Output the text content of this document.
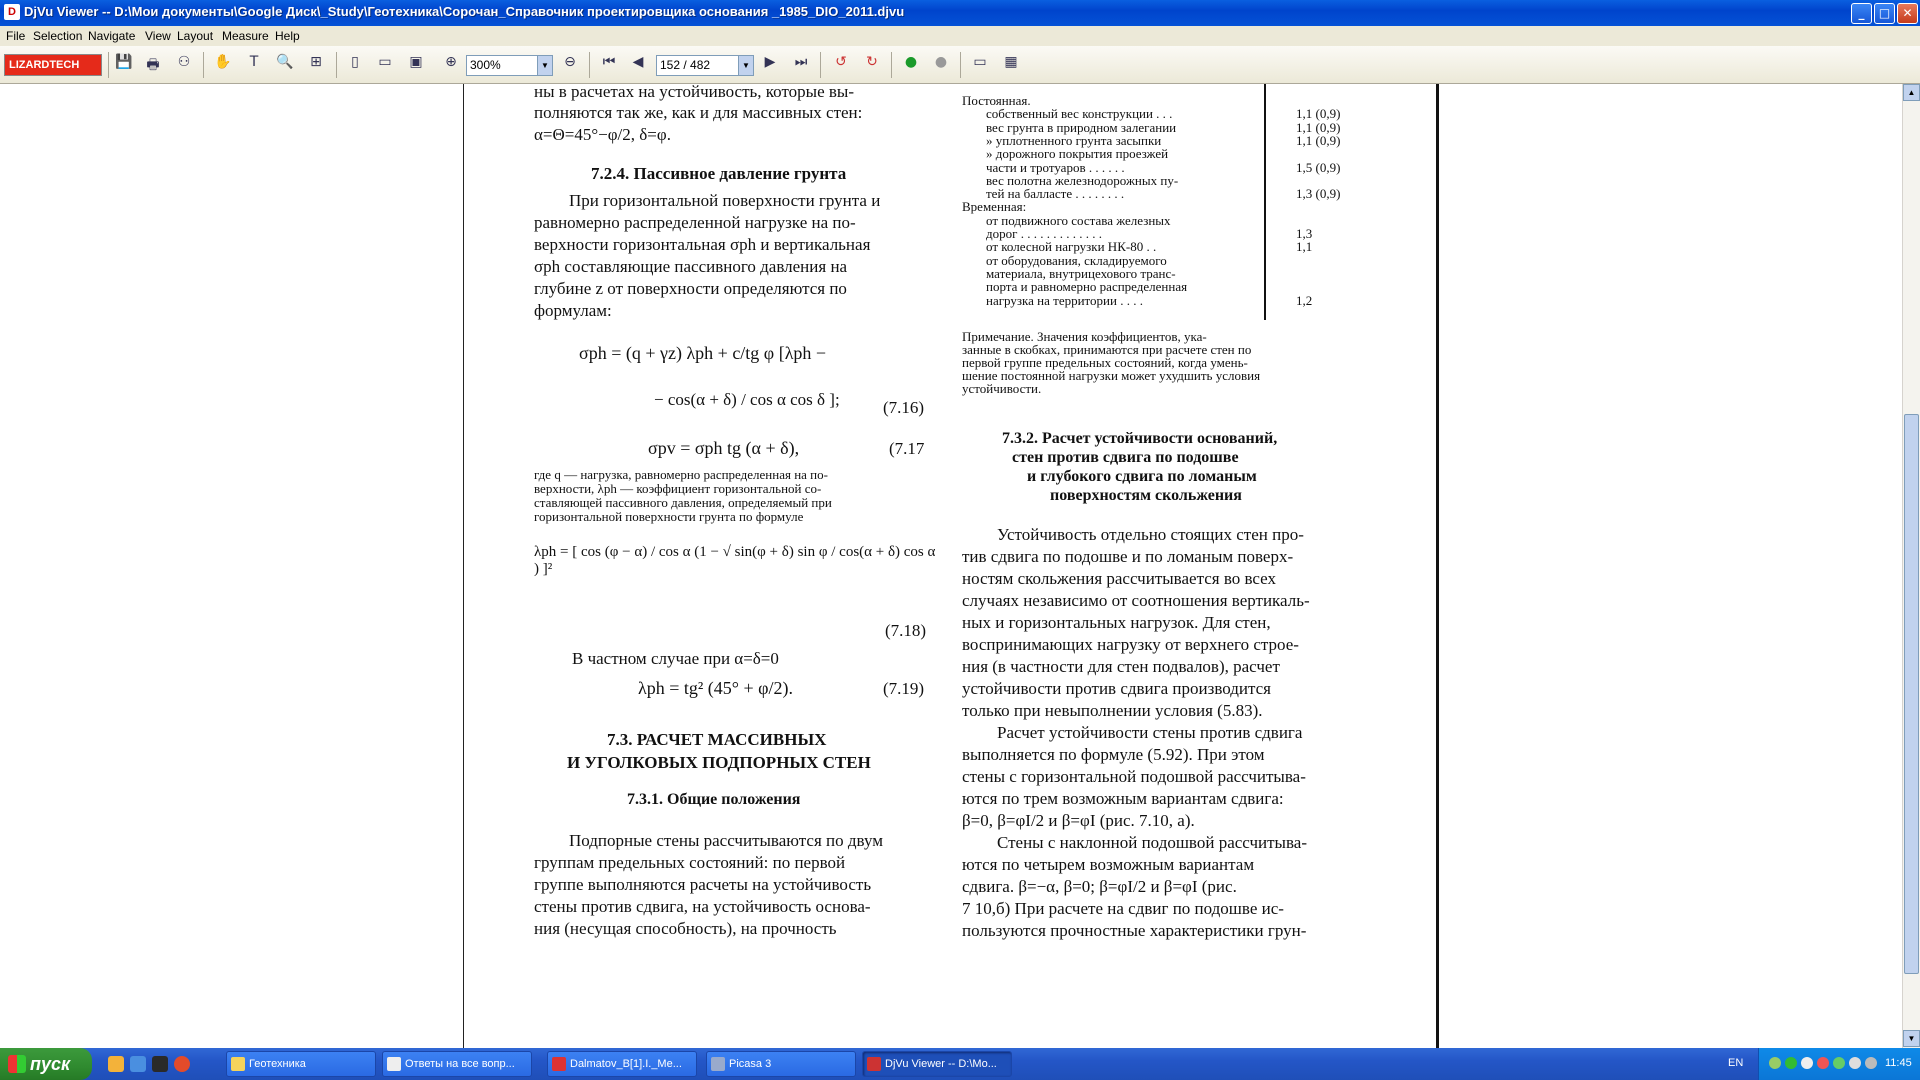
D DjVu Viewer -- D:\Мои документы\Google Диск\_Study\Геотехника\Сорочан_Справочник проектировщика основания _1985_DIO_2011.djvu	_	□	✕
File Selection Navigate View Layout Measure Help
LIZARDTECH	💾 🖶	⚇	✋	T	🔍	⊞	▯	▭	▣	⊕	300%	▼	⊖	⏮	◀	152 / 482	▼	▶	⏭	↺	↻	●	●	▭	▦
ны в расчетах на устойчивость, которые вы-
полняются так же, как и для массивных стен:
α=Θ=45°−φ/2, δ=φ.
7.2.4. Пассивное давление грунта
При горизонтальной поверхности грунта и
равномерно распределенной нагрузке на по-
верхности горизонтальная σph и вертикальная
σph составляющие пассивного давления на
глубине z от поверхности определяются по
формулам:
σph = (q + γz) λph + c/tg φ [λph −
− cos(α + δ) / cos α cos δ ];	(7.16)
σpv = σph tg (α + δ),	(7.17
где q — нагрузка, равномерно распределенная на по-
верхности, λph — коэффициент горизонтальной со-
ставляющей пассивного давления, определяемый при
горизонтальной поверхности грунта по формуле
λph = [ cos (φ − α) / cos α (1 − √ sin(φ + δ) sin φ / cos(α + δ) cos α ) ]²
(7.18)
В частном случае при α=δ=0
λph = tg² (45° + φ/2).	(7.19)
7.3. РАСЧЕТ МАССИВНЫХ
И УГОЛКОВЫХ ПОДПОРНЫХ СТЕН
7.3.1. Общие положения
Подпорные стены рассчитываются по двум
группам предельных состояний: по первой
группе выполняются расчеты на устойчивость
стены против сдвига, на устойчивость основа-
ния (несущая способность), на прочность
Постоянная.
собственный вес конструкции . . .	1,1 (0,9)
вес грунта в природном залегании	1,1 (0,9)
» уплотненного грунта засыпки	1,1 (0,9)
» дорожного покрытия проезжей
части и тротуаров . . . . . .	1,5 (0,9)
вес полотна железнодорожных пу-
тей на балласте . . . . . . . .	1,3 (0,9)
Временная:
от подвижного состава железных
дорог . . . . . . . . . . . . .	1,3
от колесной нагрузки НК-80 . .	1,1
от оборудования, складируемого
материала, внутрицехового транс-
порта и равномерно распределенная
нагрузка на территории . . . .	1,2
Примечание. Значения коэффициентов, ука-
занные в скобках, принимаются при расчете стен по
первой группе предельных состояний, когда умень-
шение постоянной нагрузки может ухудшить условия
устойчивости.
7.3.2. Расчет устойчивости оснований,
стен против сдвига по подошве
и глубокого сдвига по ломаным
поверхностям скольжения
Устойчивость отдельно стоящих стен про-
тив сдвига по подошве и по ломаным поверх-
ностям скольжения рассчитывается во всех
случаях независимо от соотношения вертикаль-
ных и горизонтальных нагрузок. Для стен,
воспринимающих нагрузку от верхнего строе-
ния (в частности для стен подвалов), расчет
устойчивости против сдвига производится
только при невыполнении условия (5.83).
Расчет устойчивости стены против сдвига
выполняется по формуле (5.92). При этом
стены с горизонтальной подошвой рассчитыва-
ются по трем возможным вариантам сдвига:
β=0, β=φI/2 и β=φI (рис. 7.10, a).
Стены с наклонной подошвой рассчитыва-
ются по четырем возможным вариантам
сдвига. β=−α, β=0; β=φI/2 и β=φI (рис.
7 10,б) При расчете на сдвиг по подошве ис-
пользуются прочностные характеристики грун-
▲
▼
пуск	Геотехника	Ответы на все вопр...	Dalmatov_B[1].I._Me...	Picasa 3	DjVu Viewer -- D:\Mo...	EN	11:45
